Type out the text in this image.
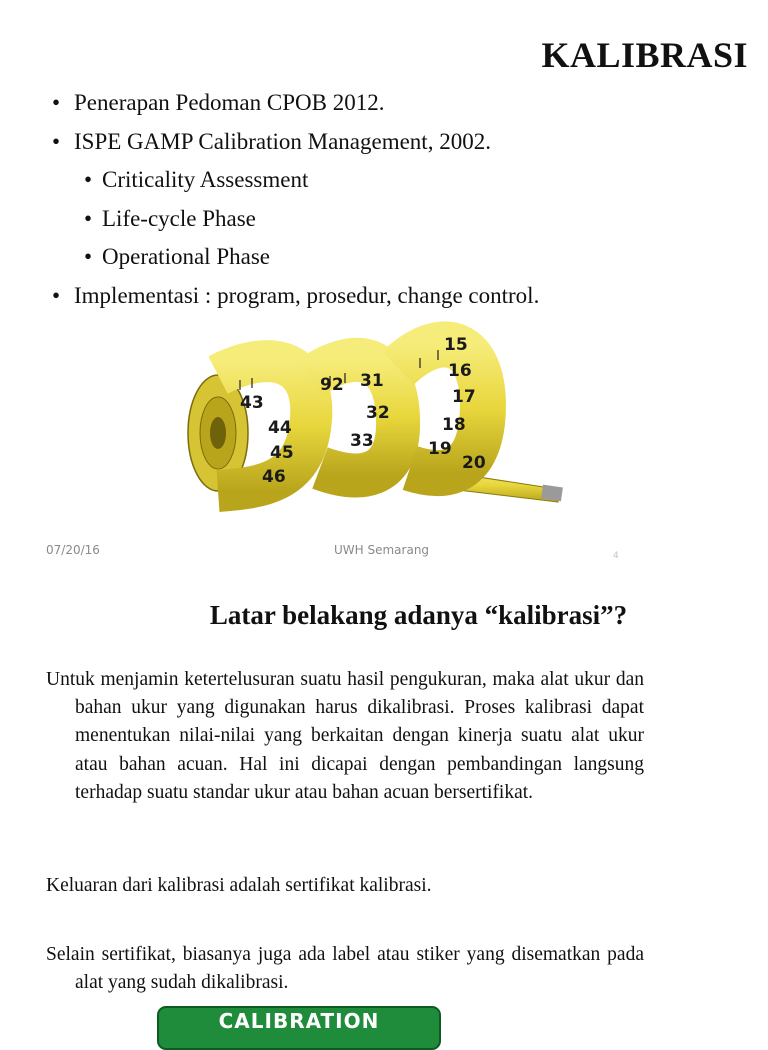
KALIBRASI
• Penerapan Pedoman CPOB 2012.
• ISPE GAMP Calibration Management, 2002.
• Criticality Assessment
• Life-cycle Phase
• Operational Phase
• Implementasi : program, prosedur, change control.
43
44
45
46
92 31
32
33
15
16
17
18
19
20
07/20/16	UWH Semarang	4
Latar belakang adanya “kalibrasi”?

Untuk menjamin ketertelusuran suatu hasil pengukuran, maka alat ukur dan bahan ukur yang digunakan harus dikalibrasi. Proses kalibrasi dapat menentukan nilai-nilai yang berkaitan dengan kinerja suatu alat ukur atau bahan acuan. Hal ini dicapai dengan pembandingan langsung terhadap suatu standar ukur atau bahan acuan bersertifikat.

Keluaran dari kalibrasi adalah sertifikat kalibrasi.

Selain sertifikat, biasanya juga ada label atau stiker yang disematkan pada alat yang sudah dikalibrasi.

CALIBRATION
